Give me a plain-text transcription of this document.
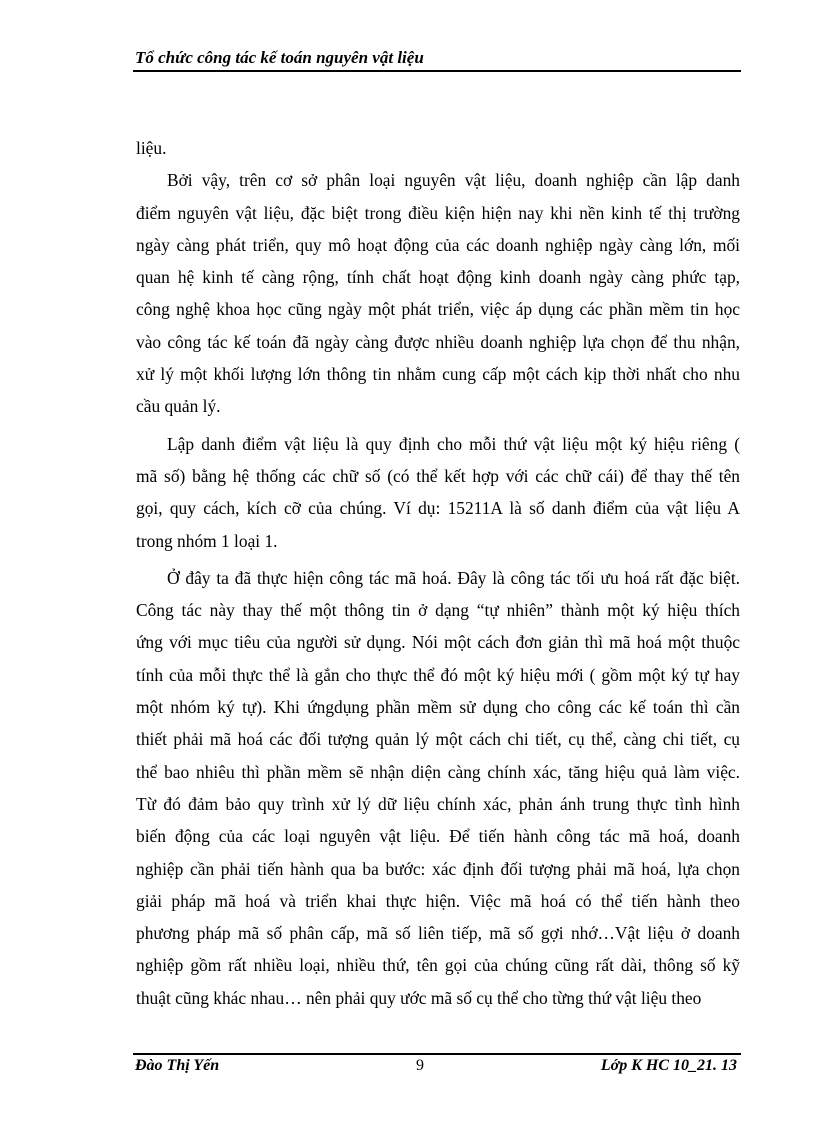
Tổ chức công tác kế toán nguyên vật liệu
liệu.
Bởi vậy, trên cơ sở phân loại nguyên vật liệu, doanh nghiệp cần lập danh
điểm nguyên vật liệu, đặc biệt trong điều kiện hiện nay khi nền kinh tế thị trường
ngày càng phát triển, quy mô hoạt động của các doanh nghiệp ngày càng lớn, mối
quan hệ kinh tế càng rộng, tính chất hoạt động kinh doanh ngày càng phức tạp,
công nghệ khoa học cũng ngày một phát triển, việc áp dụng các phần mềm tin học
vào công tác kế toán đã ngày càng được nhiều doanh nghiệp lựa chọn để thu nhận,
xử lý một khối lượng lớn thông tin nhằm cung cấp một cách kịp thời nhất cho nhu
cầu quản lý.
Lập danh điểm vật liệu là quy định cho mỗi thứ vật liệu một ký hiệu riêng (
mã số) bằng hệ thống các chữ số (có thể kết hợp với các chữ cái) để thay thế tên
gọi, quy cách, kích cỡ của chúng. Ví dụ: 15211A là số danh điểm của vật liệu A
trong nhóm 1 loại 1.
Ở đây ta đã thực hiện công tác mã hoá. Đây là công tác tối ưu hoá rất đặc biệt.
Công tác này thay thế một thông tin ở dạng “tự nhiên” thành một ký hiệu thích
ứng với mục tiêu của người sử dụng. Nói một cách đơn giản thì mã hoá một thuộc
tính của mỗi thực thể là gắn cho thực thể đó một ký hiệu mới ( gồm một ký tự hay
một nhóm ký tự). Khi ứngdụng phần mềm sử dụng cho công các kế toán thì cần
thiết phải mã hoá các đối tượng quản lý một cách chi tiết, cụ thể, càng chi tiết, cụ
thể bao nhiêu thì phần mềm sẽ nhận diện càng chính xác, tăng hiệu quả làm việc.
Từ đó đảm bảo quy trình xử lý dữ liệu chính xác, phản ánh trung thực tình hình
biến động của các loại nguyên vật liệu. Để tiến hành công tác mã hoá, doanh
nghiệp cần phải tiến hành qua ba bước: xác định đối tượng phải mã hoá, lựa chọn
giải pháp mã hoá và triển khai thực hiện. Việc mã hoá có thể tiến hành theo
phương pháp mã số phân cấp, mã số liên tiếp, mã số gợi nhớ…Vật liệu ở doanh
nghiệp gồm rất nhiều loại, nhiều thứ, tên gọi của chúng cũng rất dài, thông số kỹ
thuật cũng khác nhau… nên phải quy ước mã số cụ thể cho từng thứ vật liệu theo
Đào Thị Yến	9	Lớp K HC 10_21. 13
